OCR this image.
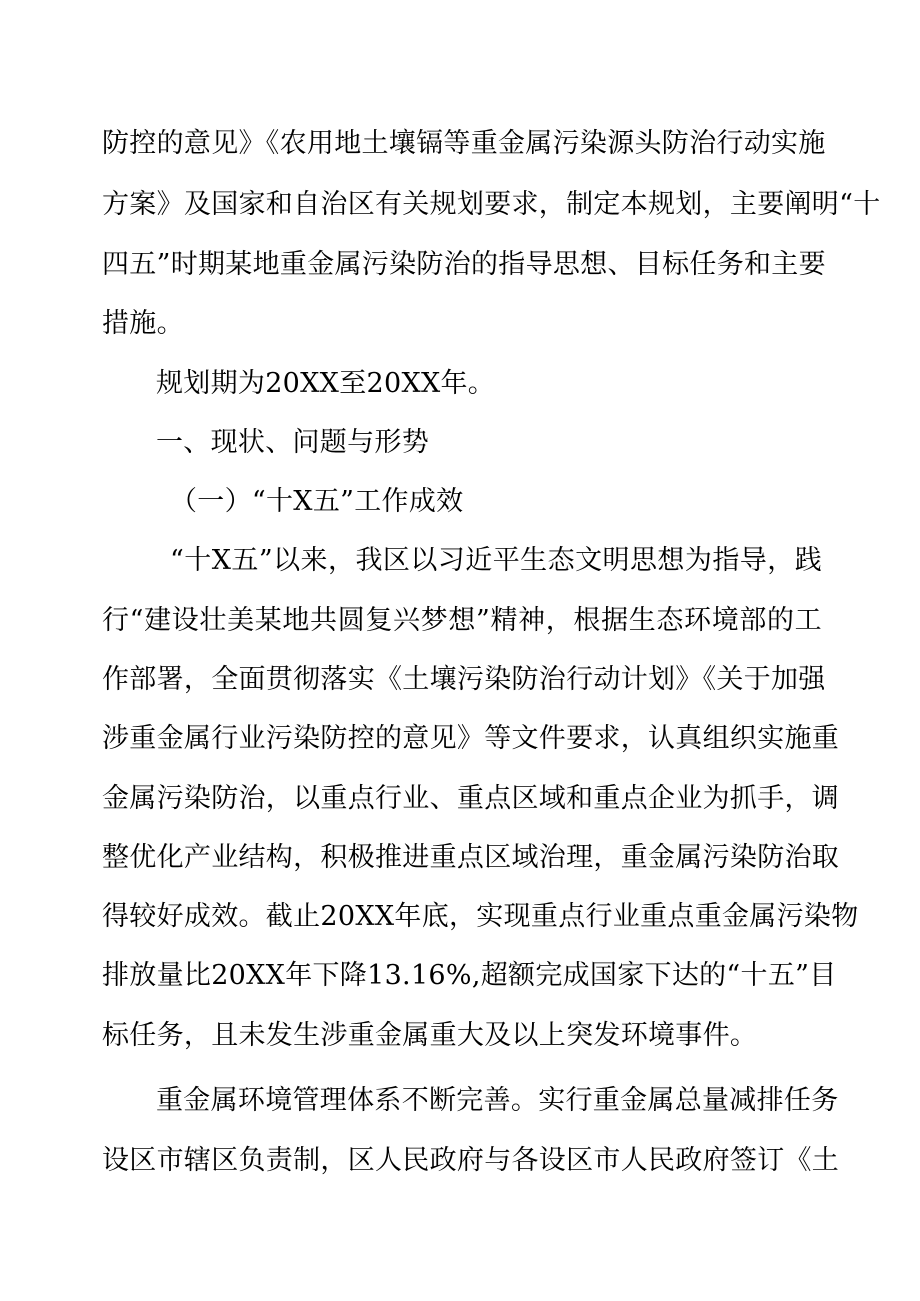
防控的意见》《农用地土壤镉等重金属污染源头防治行动实施
方案》及国家和自治区有关规划要求，制定本规划，主要阐明“十
四五”时期某地重金属污染防治的指导思想、目标任务和主要
措施。
规划期为20XX至20XX年。
一、现状、问题与形势
（一）“十X五”工作成效
“十X五”以来，我区以习近平生态文明思想为指导，践
行“建设壮美某地共圆复兴梦想”精神，根据生态环境部的工
作部署，全面贯彻落实《土壤污染防治行动计划》《关于加强
涉重金属行业污染防控的意见》等文件要求，认真组织实施重
金属污染防治，以重点行业、重点区域和重点企业为抓手，调
整优化产业结构，积极推进重点区域治理，重金属污染防治取
得较好成效。截止20XX年底，实现重点行业重点重金属污染物
排放量比20XX年下降13.16%,超额完成国家下达的“十五”目
标任务，且未发生涉重金属重大及以上突发环境事件。
重金属环境管理体系不断完善。实行重金属总量减排任务
设区市辖区负责制，区人民政府与各设区市人民政府签订《土
